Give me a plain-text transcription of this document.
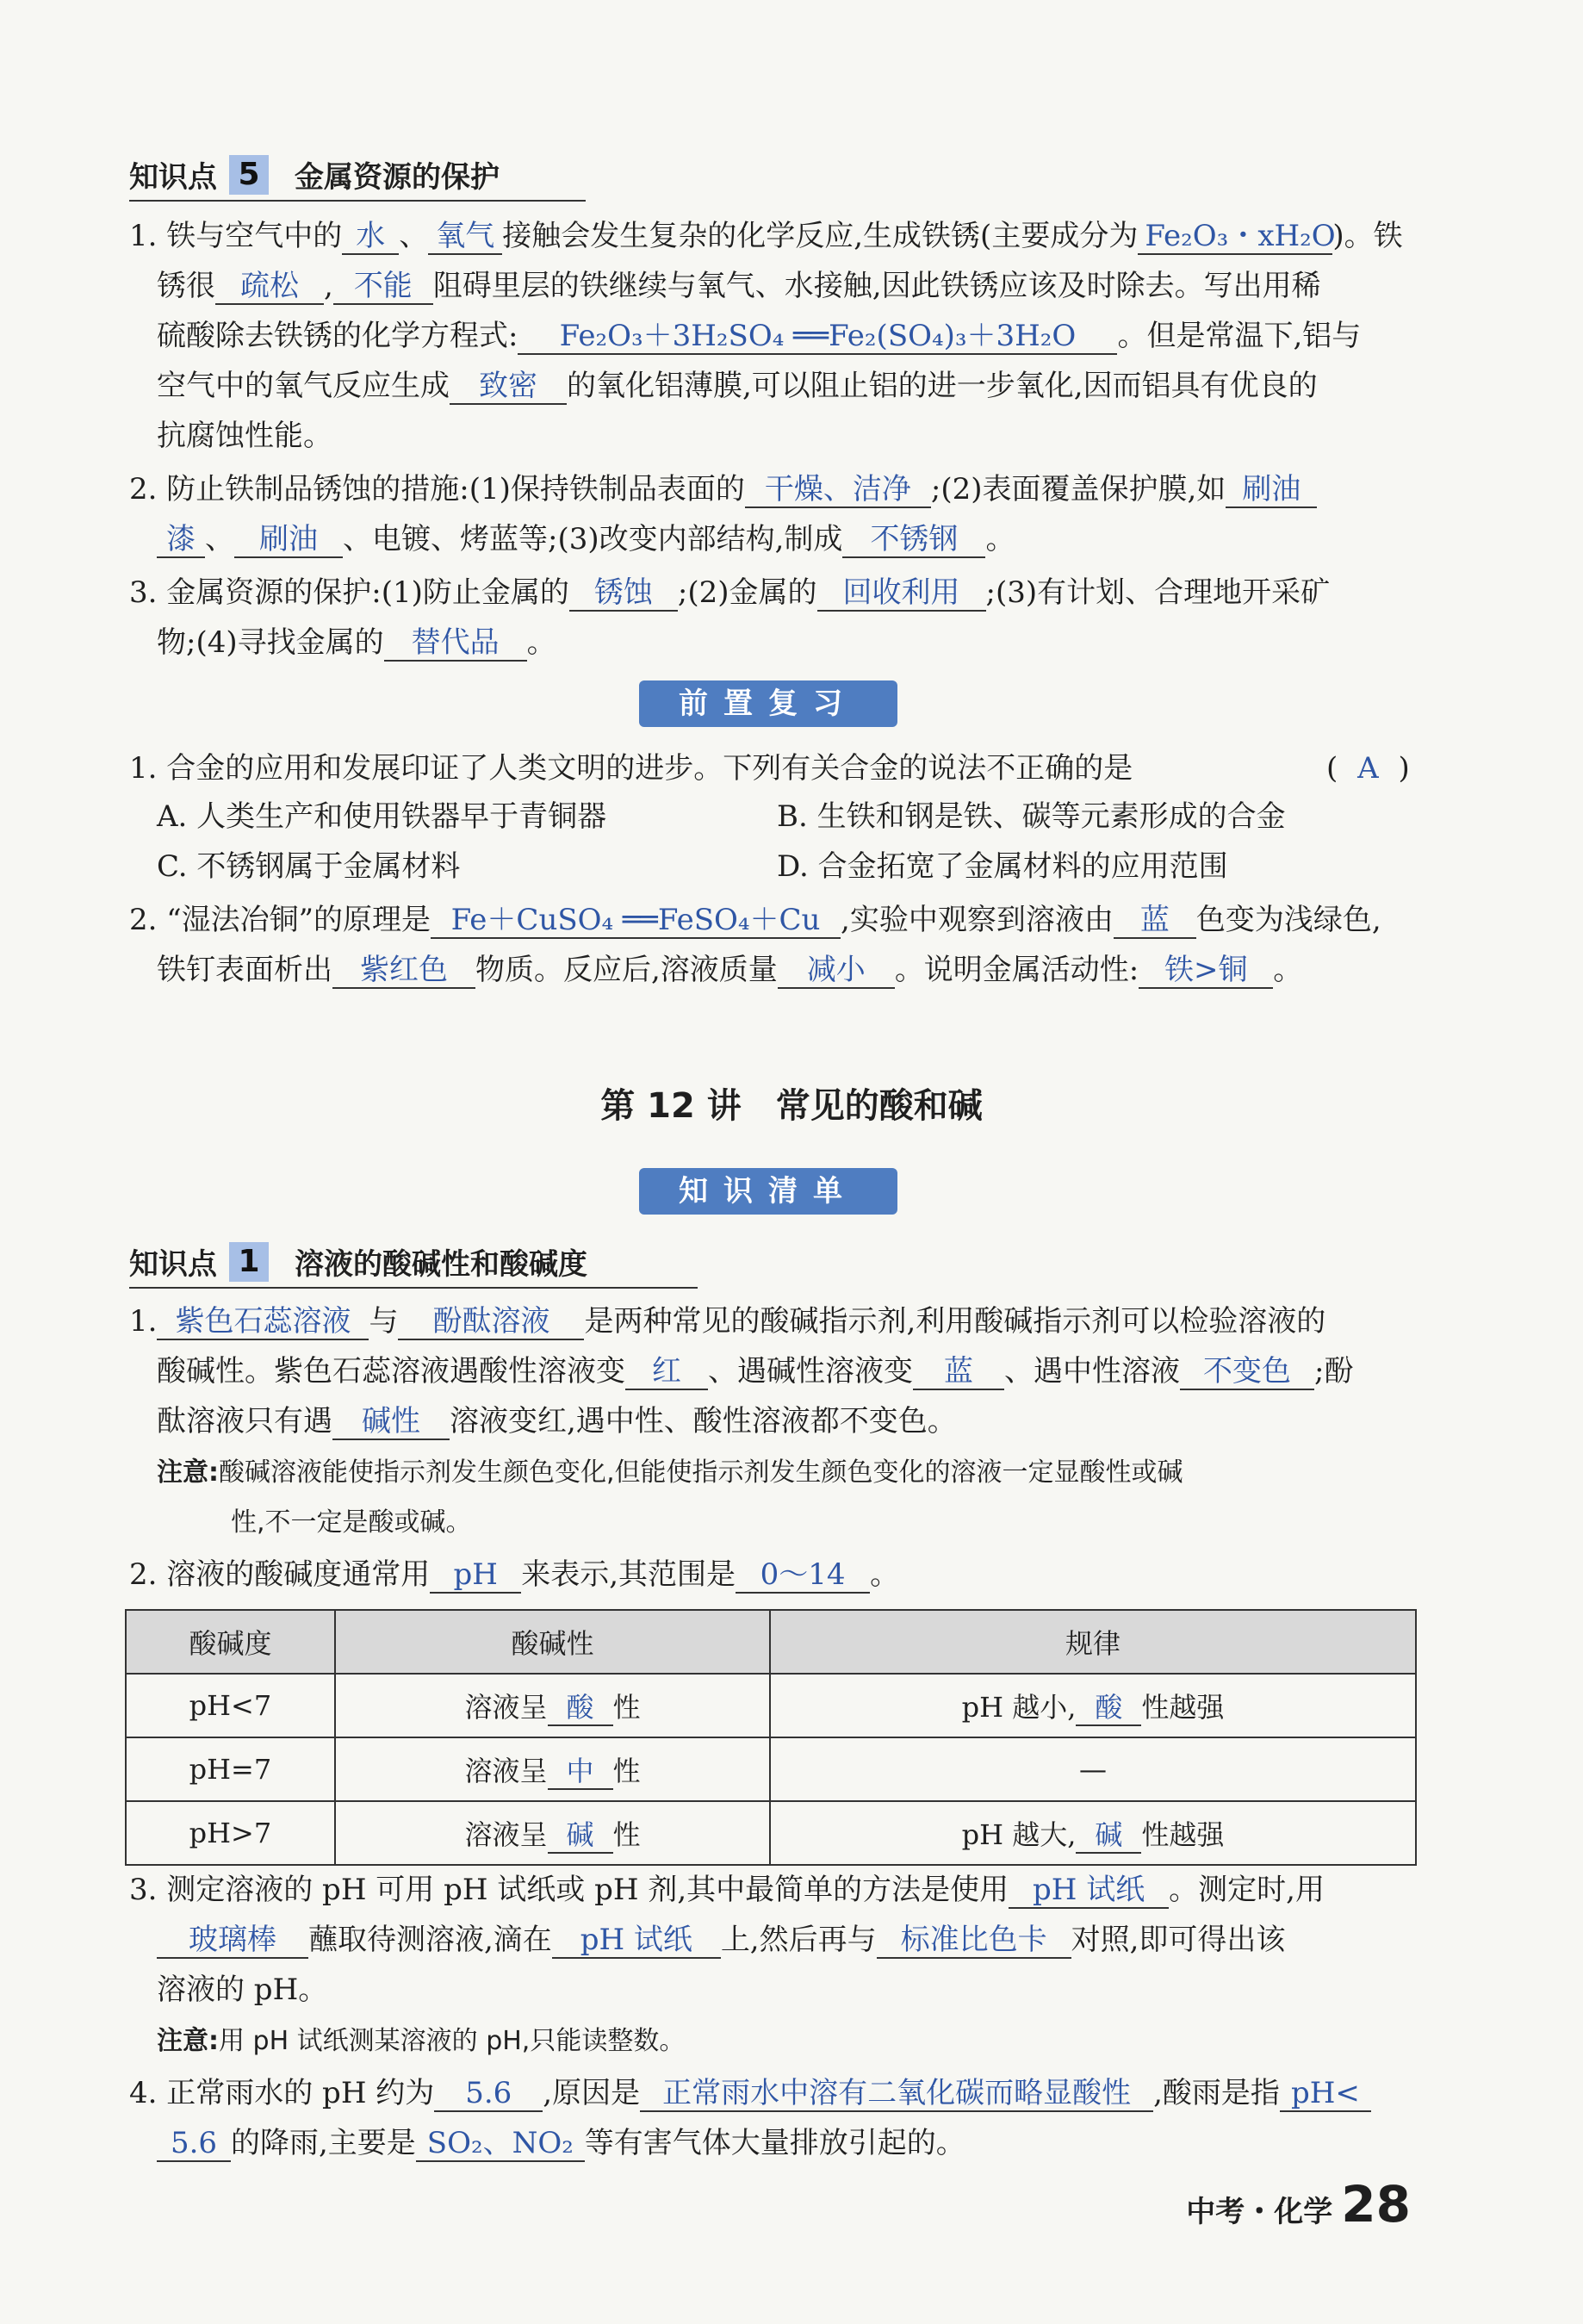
知识点 5	金属资源的保护
1. 铁与空气中的 水 、 氧气 接触会发生复杂的化学反应,生成铁锈(主要成分为 Fe₂O₃・xH₂O)。铁
锈很 疏松 , 不能 阻碍里层的铁继续与氧气、水接触,因此铁锈应该及时除去。写出用稀
硫酸除去铁锈的化学方程式: Fe₂O₃＋3H₂SO₄ ══Fe₂(SO₄)₃＋3H₂O 。但是常温下,铝与
空气中的氧气反应生成 致密 的氧化铝薄膜,可以阻止铝的进一步氧化,因而铝具有优良的
抗腐蚀性能。
2. 防止铁制品锈蚀的措施:(1)保持铁制品表面的 干燥、洁净 ;(2)表面覆盖保护膜,如 刷油
漆 、 刷油 、电镀、烤蓝等;(3)改变内部结构,制成 不锈钢 。
3. 金属资源的保护:(1)防止金属的 锈蚀 ;(2)金属的 回收利用 ;(3)有计划、合理地开采矿
物;(4)寻找金属的 替代品 。
前置复习
1. 合金的应用和发展印证了人类文明的进步。下列有关合金的说法不正确的是	( A )
A. 人类生产和使用铁器早于青铜器	B. 生铁和钢是铁、碳等元素形成的合金
C. 不锈钢属于金属材料	D. 合金拓宽了金属材料的应用范围
2. “湿法冶铜”的原理是 Fe＋CuSO₄ ══FeSO₄＋Cu ,实验中观察到溶液由 蓝 色变为浅绿色,
铁钉表面析出 紫红色 物质。反应后,溶液质量 减小 。说明金属活动性: 铁>铜 。
第 12 讲　常见的酸和碱
知识清单
知识点 1	溶液的酸碱性和酸碱度
1. 紫色石蕊溶液 与 酚酞溶液 是两种常见的酸碱指示剂,利用酸碱指示剂可以检验溶液的
酸碱性。紫色石蕊溶液遇酸性溶液变 红 、遇碱性溶液变 蓝 、遇中性溶液 不变色 ;酚
酞溶液只有遇 碱性 溶液变红,遇中性、酸性溶液都不变色。
注意:酸碱溶液能使指示剂发生颜色变化,但能使指示剂发生颜色变化的溶液一定显酸性或碱
性,不一定是酸或碱。
2. 溶液的酸碱度通常用 pH 来表示,其范围是 0～14 。
酸碱度	酸碱性	规律
pH<7	溶液呈 酸 性	pH 越小, 酸 性越强
pH=7	溶液呈 中 性	—
pH>7	溶液呈 碱 性	pH 越大, 碱 性越强
3. 测定溶液的 pH 可用 pH 试纸或 pH 剂,其中最简单的方法是使用 pH 试纸 。测定时,用
玻璃棒 蘸取待测溶液,滴在 pH 试纸 上,然后再与 标准比色卡 对照,即可得出该
溶液的 pH。
注意:用 pH 试纸测某溶液的 pH,只能读整数。
4. 正常雨水的 pH 约为 5.6 ,原因是 正常雨水中溶有二氧化碳而略显酸性 ,酸雨是指 pH<
5.6 的降雨,主要是 SO₂、NO₂ 等有害气体大量排放引起的。
中考・化学 28
